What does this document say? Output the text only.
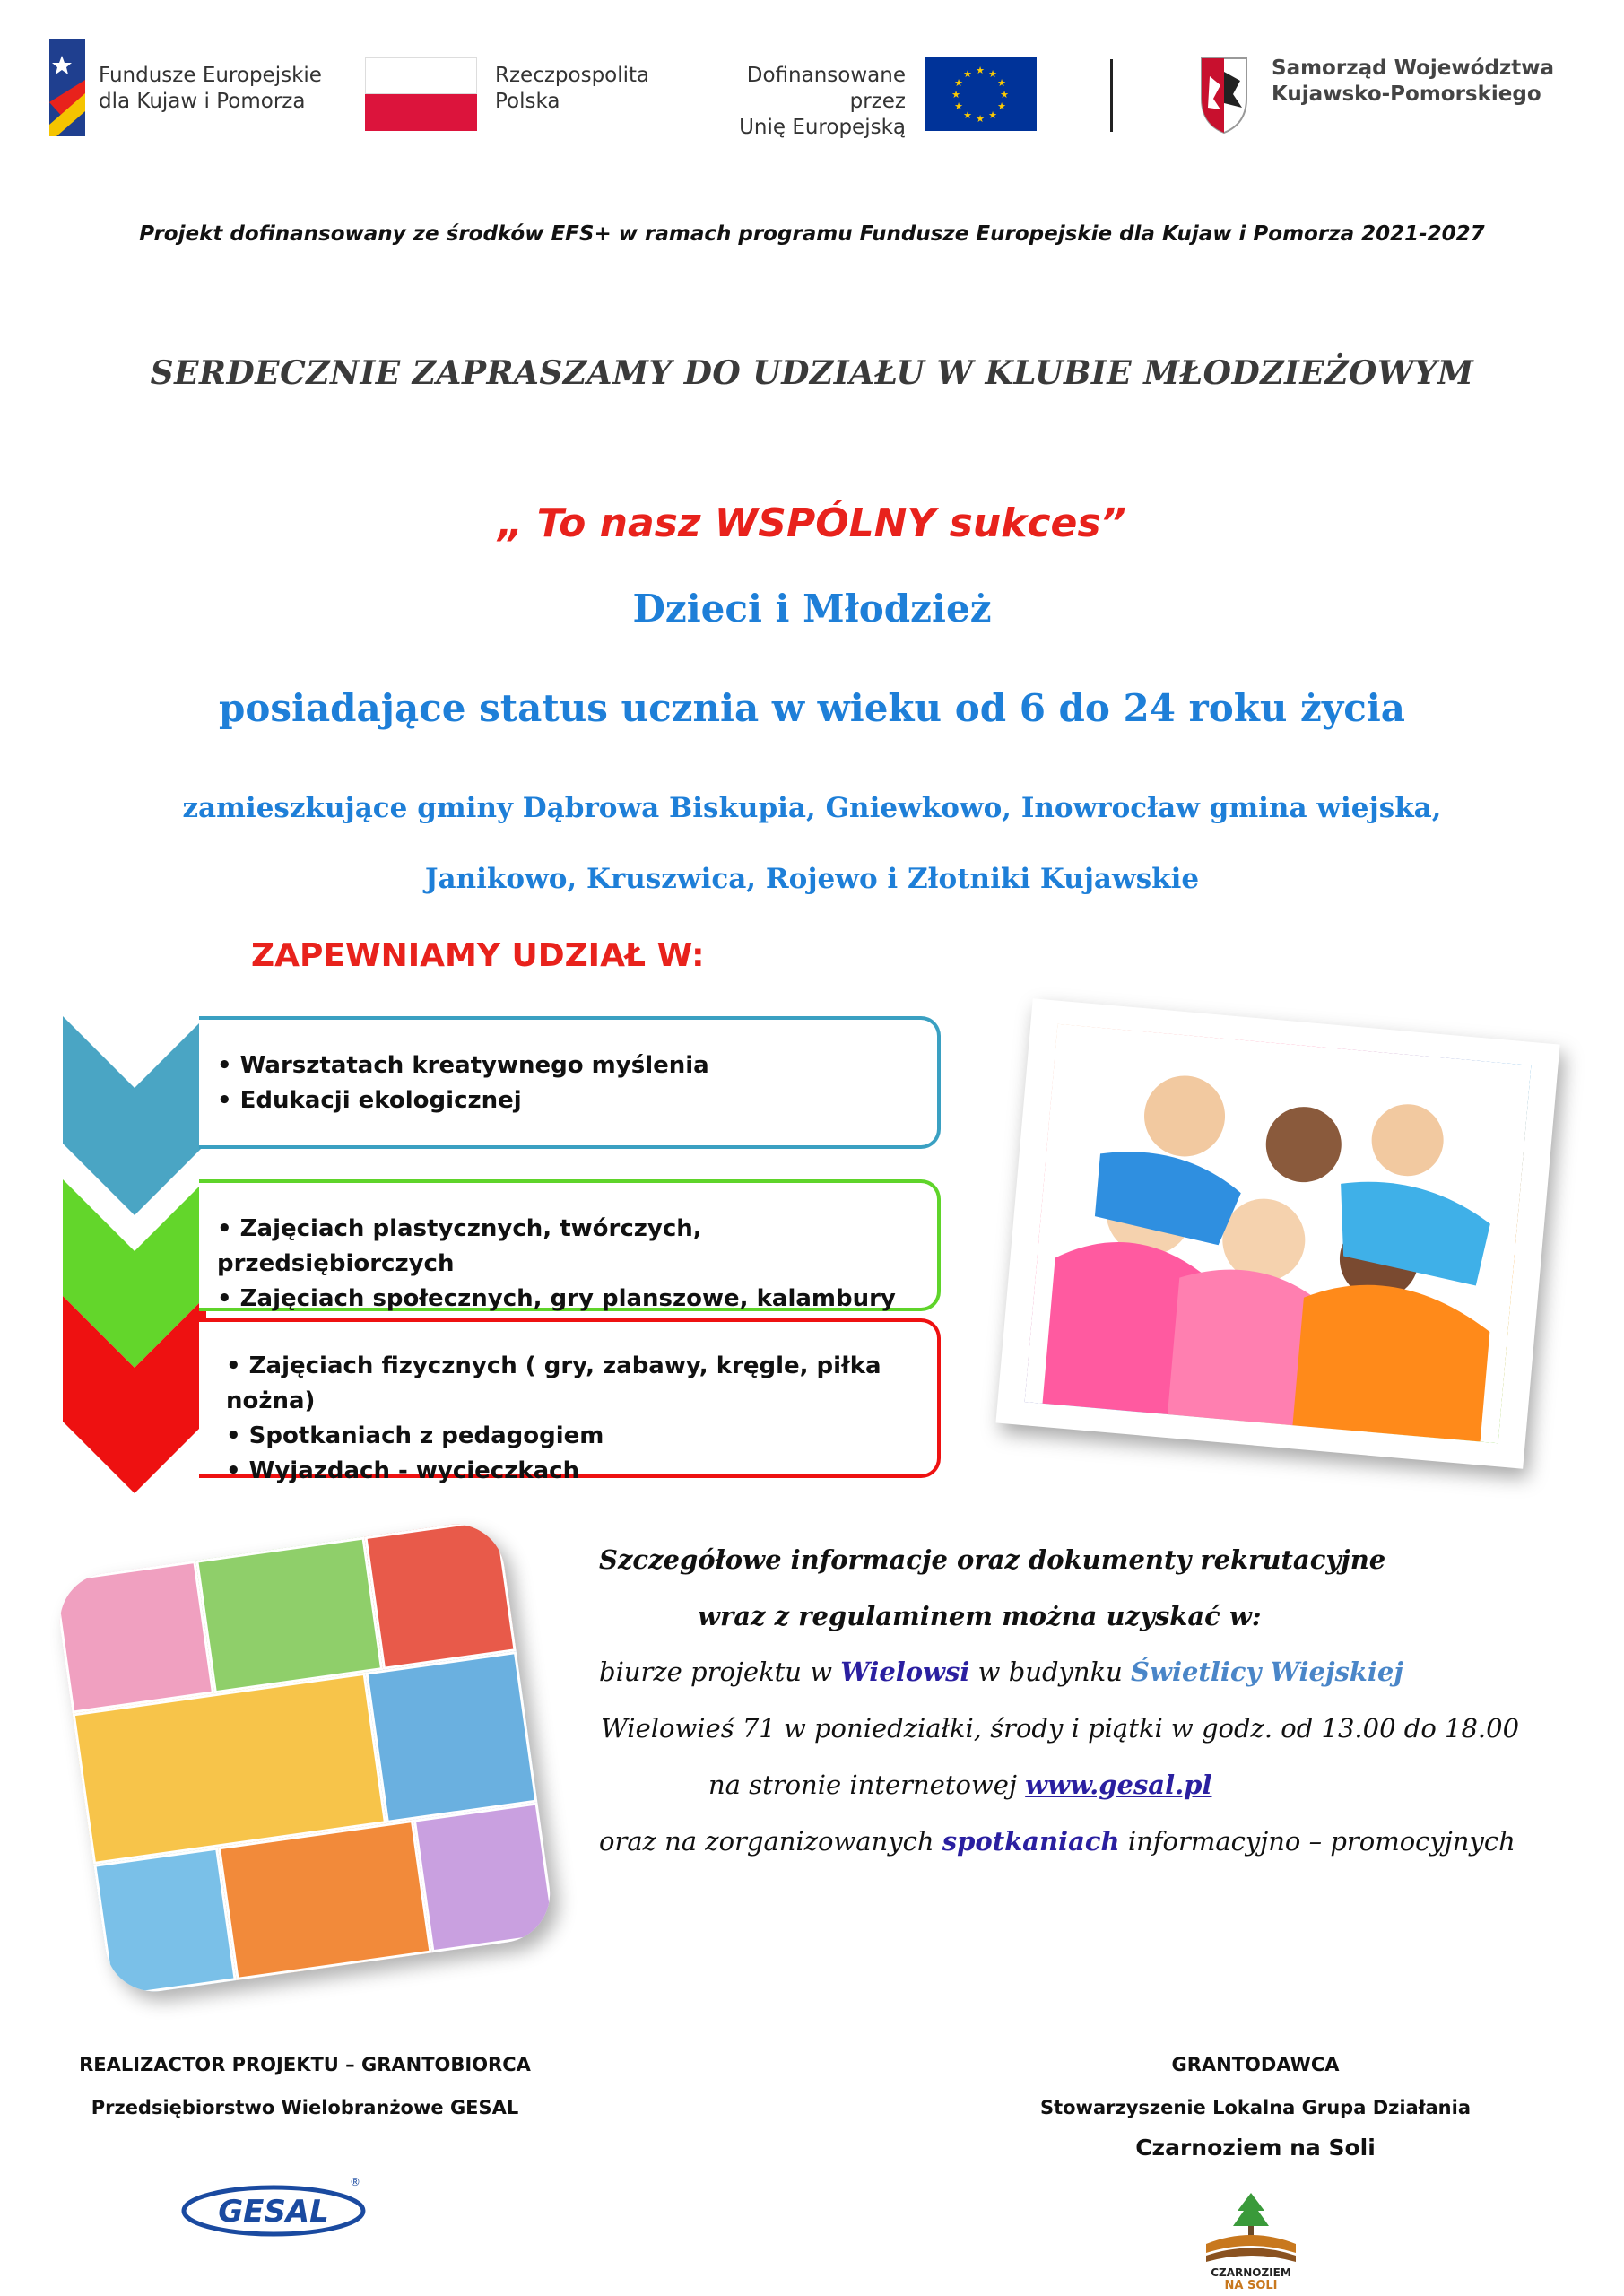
Fundusze Europejskie
dla Kujaw i Pomorza
Rzeczpospolita
Polska
Dofinansowane przez
Unię Europejską
★ ★
★
★
★
★
★
★
★
★
★
★	Samorząd Województwa
Kujawsko-Pomorskiego
Projekt dofinansowany ze środków EFS+ w ramach programu Fundusze Europejskie dla Kujaw i Pomorza 2021-2027
SERDECZNIE ZAPRASZAMY DO UDZIAŁU W KLUBIE MŁODZIEŻOWYM
„ To nasz WSPÓLNY sukces”
Dzieci i Młodzież
posiadające status ucznia w wieku od 6 do 24 roku życia
zamieszkujące gminy Dąbrowa Biskupia, Gniewkowo, Inowrocław gmina wiejska,
Janikowo, Kruszwica, Rojewo i Złotniki Kujawskie
ZAPEWNIAMY UDZIAŁ W:
• Warsztatach kreatywnego myślenia
• Edukacji ekologicznej
• Zajęciach plastycznych, twórczych, przedsiębiorczych
• Zajęciach społecznych, gry planszowe, kalambury
• Zajęciach fizycznych ( gry, zabawy, kręgle, piłka nożna)
• Spotkaniach z pedagogiem
• Wyjazdach - wycieczkach
Szczegółowe informacje oraz dokumenty rekrutacyjne
wraz z regulaminem można uzyskać w:
biurze projektu w Wielowsi w budynku Świetlicy Wiejskiej
Wielowieś 71 w poniedziałki, środy i piątki w godz. od 13.00 do 18.00
na stronie internetowej www.gesal.pl
oraz na zorganizowanych spotkaniach informacyjno – promocyjnych
REALIZACTOR PROJEKTU – GRANTOBIORCA
Przedsiębiorstwo Wielobranżowe GESAL
GESAL
®
GRANTODAWCA
Stowarzyszenie Lokalna Grupa Działania
Czarnoziem na Soli
CZARNOZIEM
NA SOLI
